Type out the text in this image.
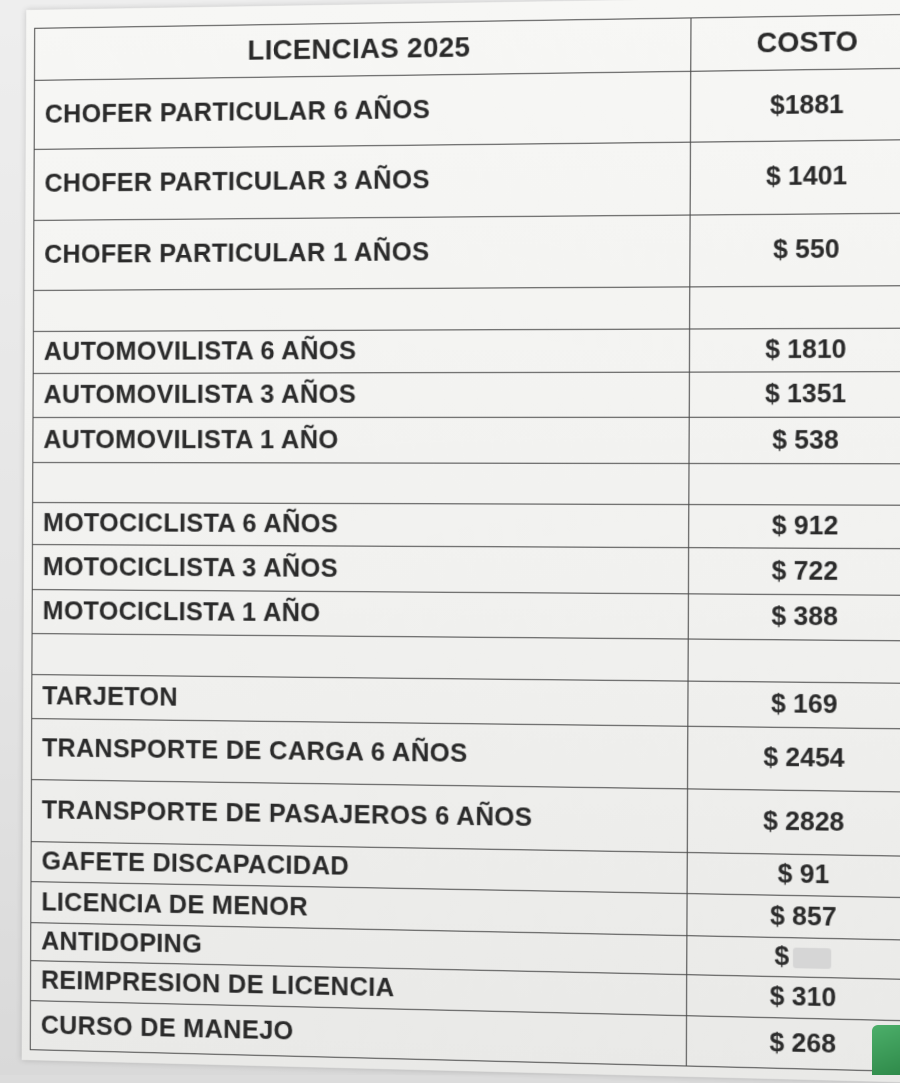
LICENCIAS 2025	COSTO
CHOFER PARTICULAR 6 AÑOS	$1881
CHOFER PARTICULAR 3 AÑOS	$ 1401
CHOFER PARTICULAR 1 AÑOS	$ 550

AUTOMOVILISTA 6 AÑOS	$ 1810
AUTOMOVILISTA 3 AÑOS	$ 1351
AUTOMOVILISTA 1 AÑO	$ 538

MOTOCICLISTA 6 AÑOS	$ 912
MOTOCICLISTA 3 AÑOS	$ 722
MOTOCICLISTA 1 AÑO	$ 388

TARJETON	$ 169
TRANSPORTE DE CARGA 6 AÑOS	$ 2454
TRANSPORTE DE PASAJEROS 6 AÑOS	$ 2828
GAFETE DISCAPACIDAD	$ 91
LICENCIA DE MENOR	$ 857
ANTIDOPING	$
REIMPRESION DE LICENCIA	$ 310
CURSO DE MANEJO	$ 268
